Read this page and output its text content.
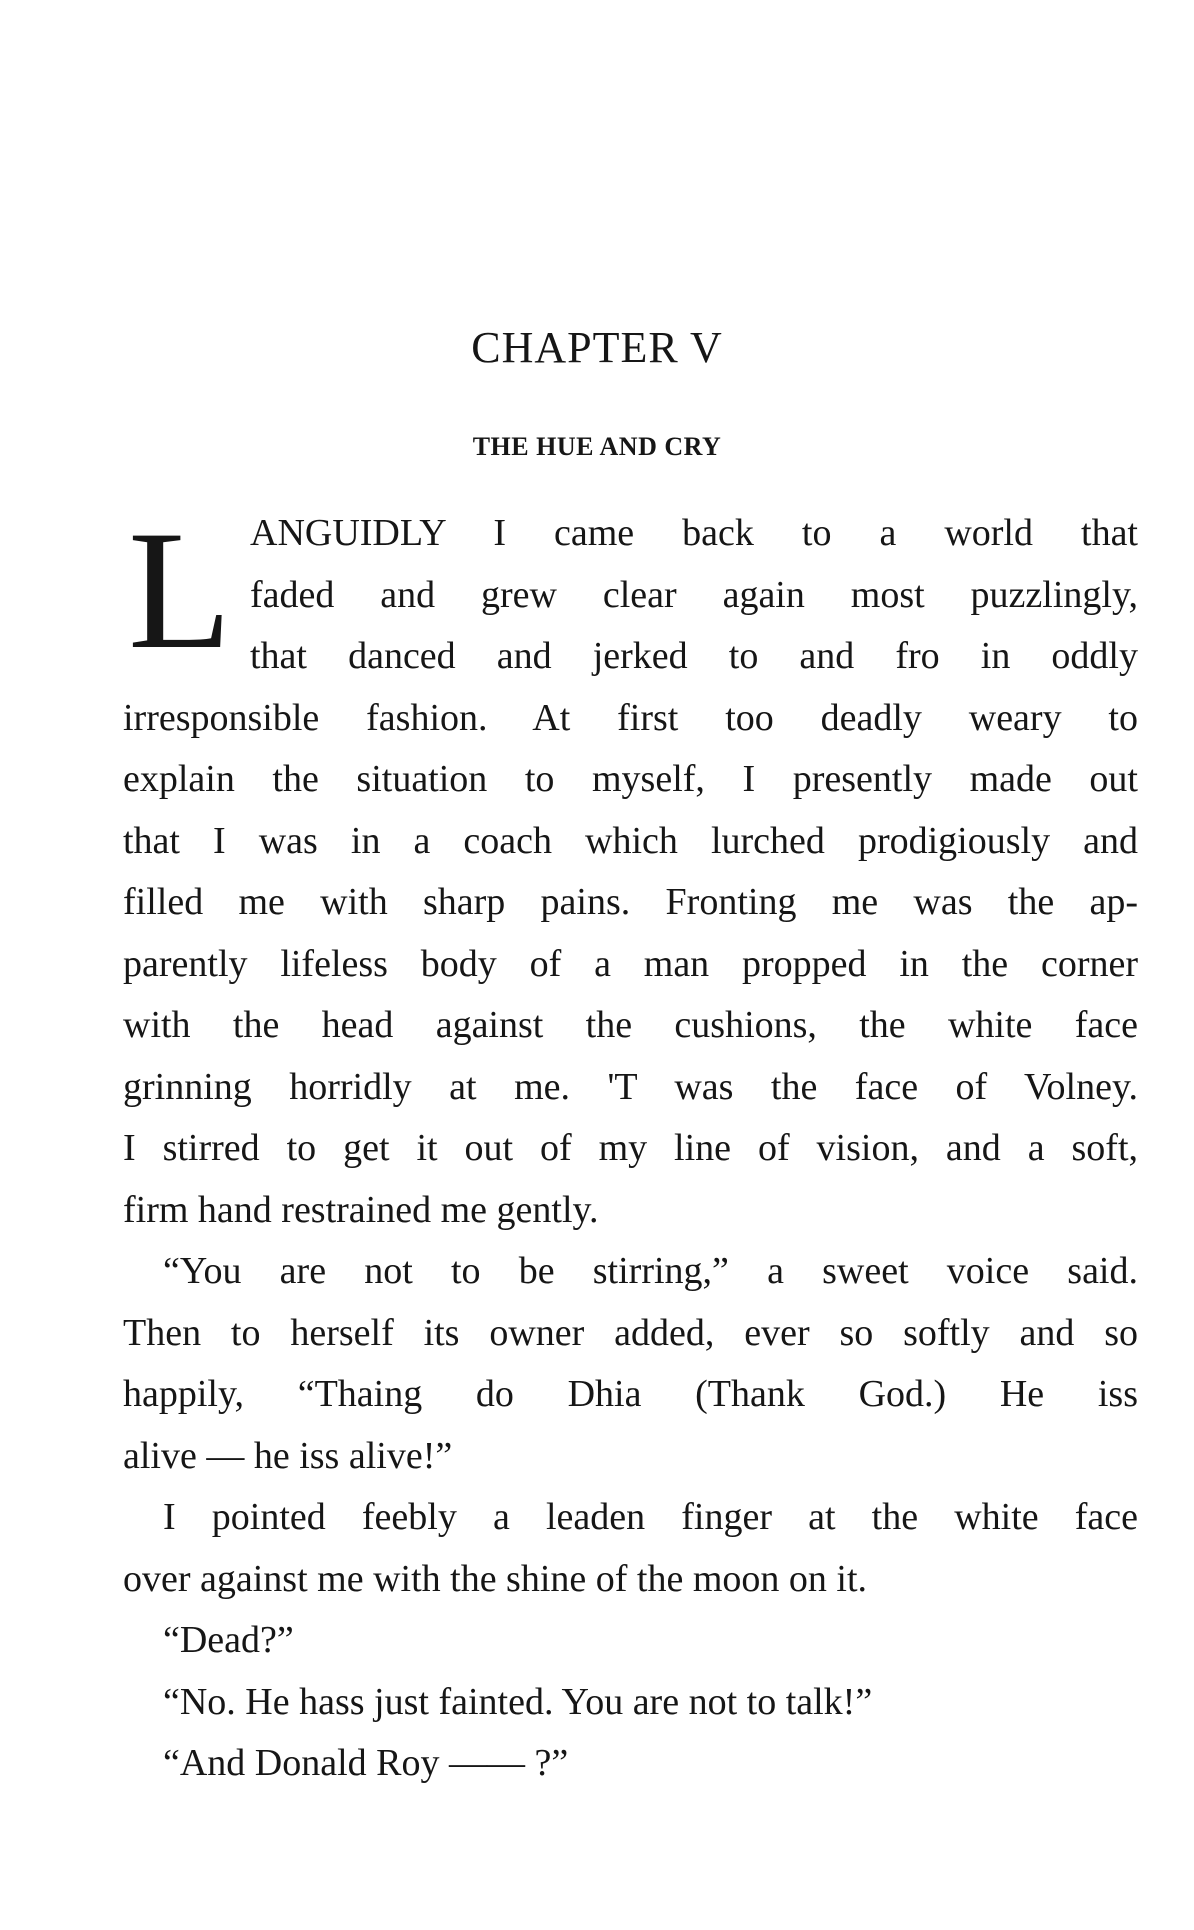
CHAPTER V
THE HUE AND CRY
L ANGUIDLY I came back to a world that
faded and grew clear again most puzzlingly,
that danced and jerked to and fro in oddly
irresponsible fashion. At first too deadly weary to
explain the situation to myself, I presently made out
that I was in a coach which lurched prodigiously and
filled me with sharp pains. Fronting me was the ap-
parently lifeless body of a man propped in the corner
with the head against the cushions, the white face
grinning horridly at me. 'T was the face of Volney.
I stirred to get it out of my line of vision, and a soft,
firm hand restrained me gently.
“You are not to be stirring,” a sweet voice said.
Then to herself its owner added, ever so softly and so
happily, “Thaing do Dhia (Thank God.) He iss
alive — he iss alive!”
I pointed feebly a leaden finger at the white face
over against me with the shine of the moon on it.
“Dead?”
“No. He hass just fainted. You are not to talk!”
“And Donald Roy —— ?”
